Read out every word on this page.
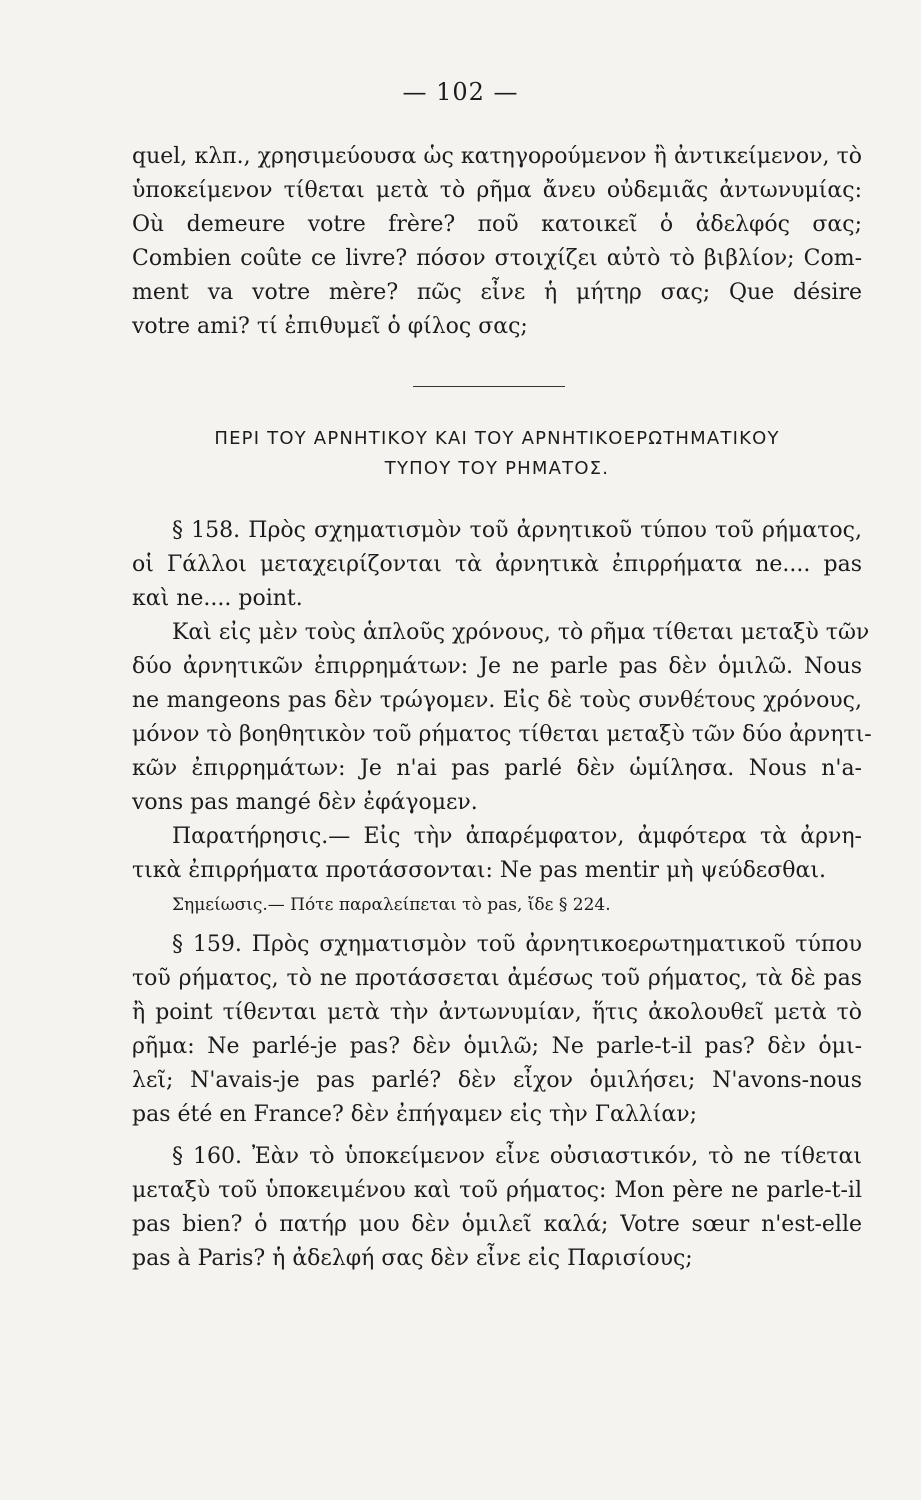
— 102 —
quel, κλπ., χρησιμεύουσα ὡς κατηγορούμενον ἢ ἀντικείμενον, τὸ
ὑποκείμενον τίθεται μετὰ τὸ ρῆμα ἄνευ οὐδεμιᾶς ἀντωνυμίας:
Où demeure votre frère? ποῦ κατοικεῖ ὁ ἀδελφός σας;
Combien coûte ce livre? πόσον στοιχίζει αὐτὸ τὸ βιβλίον; Com-
ment va votre mère? πῶς εἶνε ἡ μήτηρ σας; Que désire
votre ami? τί ἐπιθυμεῖ ὁ φίλος σας;
ΠΕΡΙ ΤΟΥ ΑΡΝΗΤΙΚΟΥ ΚΑΙ ΤΟΥ ΑΡΝΗΤΙΚΟΕΡΩΤΗΜΑΤΙΚΟΥ
ΤΥΠΟΥ ΤΟΥ ΡΗΜΑΤΟΣ.
§ 158. Πρὸς σχηματισμὸν τοῦ ἀρνητικοῦ τύπου τοῦ ρήματος,
οἱ Γάλλοι μεταχειρίζονται τὰ ἀρνητικὰ ἐπιρρήματα ne.... pas
καὶ ne.... point.
Καὶ εἰς μὲν τοὺς ἁπλοῦς χρόνους, τὸ ρῆμα τίθεται μεταξὺ τῶν
δύο ἀρνητικῶν ἐπιρρημάτων: Je ne parle pas δὲν ὁμιλῶ. Nous
ne mangeons pas δὲν τρώγομεν. Εἰς δὲ τοὺς συνθέτους χρόνους,
μόνον τὸ βοηθητικὸν τοῦ ρήματος τίθεται μεταξὺ τῶν δύο ἀρνητι-
κῶν ἐπιρρημάτων: Je n'ai pas parlé δὲν ὡμίλησα. Nous n'a-
vons pas mangé δὲν ἐφάγομεν.
Παρατήρησις.— Εἰς τὴν ἀπαρέμφατον, ἀμφότερα τὰ ἀρνη-
τικὰ ἐπιρρήματα προτάσσονται: Ne pas mentir μὴ ψεύδεσθαι.
Σημείωσις.— Πότε παραλείπεται τὸ pas, ἴδε § 224.
§ 159. Πρὸς σχηματισμὸν τοῦ ἀρνητικοερωτηματικοῦ τύπου
τοῦ ρήματος, τὸ ne προτάσσεται ἀμέσως τοῦ ρήματος, τὰ δὲ pas
ἢ point τίθενται μετὰ τὴν ἀντωνυμίαν, ἥτις ἀκολουθεῖ μετὰ τὸ
ρῆμα: Ne parlé-je pas? δὲν ὁμιλῶ; Ne parle-t-il pas? δὲν ὁμι-
λεῖ; N'avais-je pas parlé? δὲν εἶχον ὁμιλήσει; N'avons-nous
pas été en France? δὲν ἐπήγαμεν εἰς τὴν Γαλλίαν;
§ 160. Ἐὰν τὸ ὑποκείμενον εἶνε οὐσιαστικόν, τὸ ne τίθεται
μεταξὺ τοῦ ὑποκειμένου καὶ τοῦ ρήματος: Mon père ne parle-t-il
pas bien? ὁ πατήρ μου δὲν ὁμιλεῖ καλά; Votre sœur n'est-elle
pas à Paris? ἡ ἀδελφή σας δὲν εἶνε εἰς Παρισίους;
